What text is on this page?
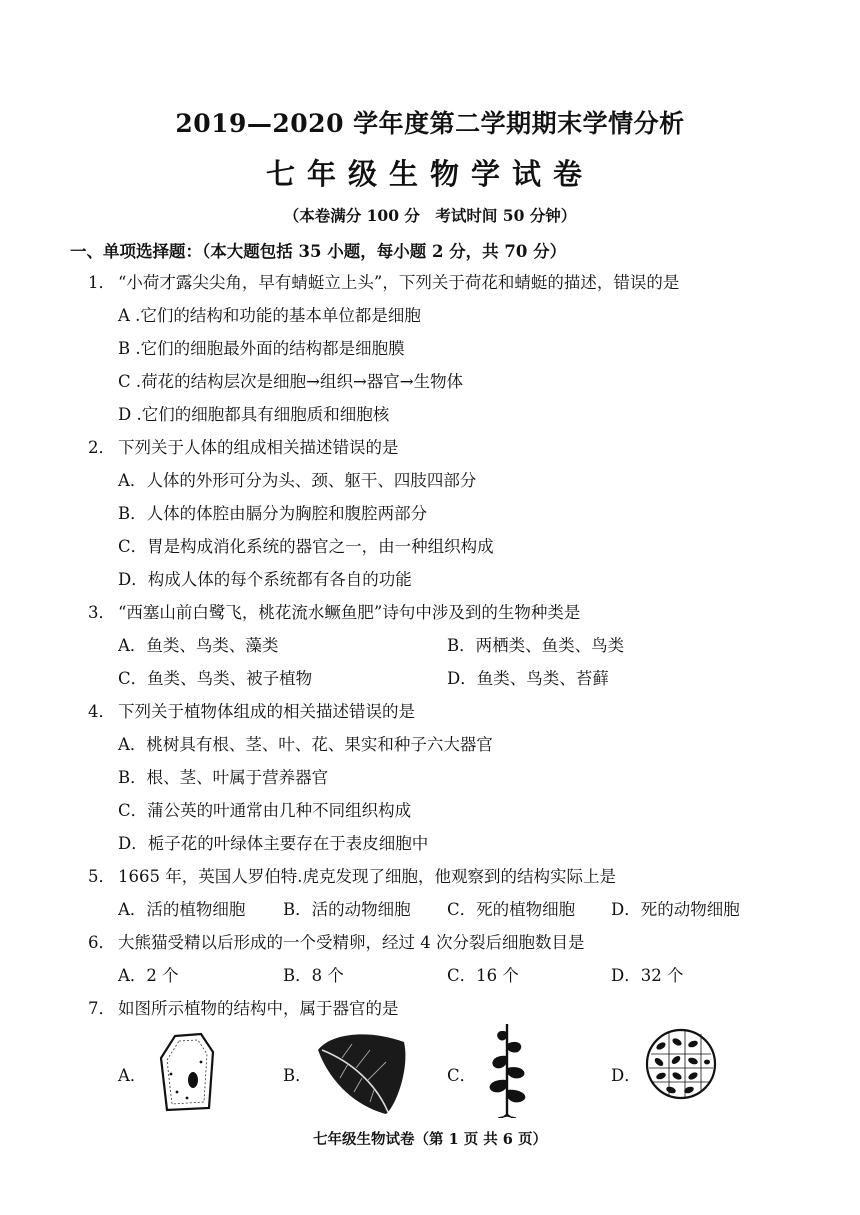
2019—2020 学年度第二学期期末学情分析
七年级生物学试卷
（本卷满分 100 分　考试时间 50 分钟）
一、单项选择题：（本大题包括 35 小题，每小题 2 分，共 70 分）
1． “小荷才露尖尖角，早有蜻蜓立上头”，下列关于荷花和蜻蜓的描述，错误的是
A .它们的结构和功能的基本单位都是细胞
B .它们的细胞最外面的结构都是细胞膜
C .荷花的结构层次是细胞→组织→器官→生物体
D .它们的细胞都具有细胞质和细胞核
2． 下列关于人体的组成相关描述错误的是
A．人体的外形可分为头、颈、躯干、四肢四部分
B．人体的体腔由膈分为胸腔和腹腔两部分
C．胃是构成消化系统的器官之一，由一种组织构成
D．构成人体的每个系统都有各自的功能
3． “西塞山前白鹭飞，桃花流水鳜鱼肥”诗句中涉及到的生物种类是
A．鱼类、鸟类、藻类	B．两栖类、鱼类、鸟类
C．鱼类、鸟类、被子植物	D．鱼类、鸟类、苔藓
4． 下列关于植物体组成的相关描述错误的是
A．桃树具有根、茎、叶、花、果实和种子六大器官
B．根、茎、叶属于营养器官
C．蒲公英的叶通常由几种不同组织构成
D．栀子花的叶绿体主要存在于表皮细胞中
5． 1665 年，英国人罗伯特.虎克发现了细胞，他观察到的结构实际上是
A．活的植物细胞 B．活的动物细胞 C．死的植物细胞 D．死的动物细胞
6． 大熊猫受精以后形成的一个受精卵，经过 4 次分裂后细胞数目是
A．2 个	B．8 个	C．16 个	D．32 个
7． 如图所示植物的结构中，属于器官的是
A．	B．	C．	D．
七年级生物试卷（第 1 页 共 6 页）
